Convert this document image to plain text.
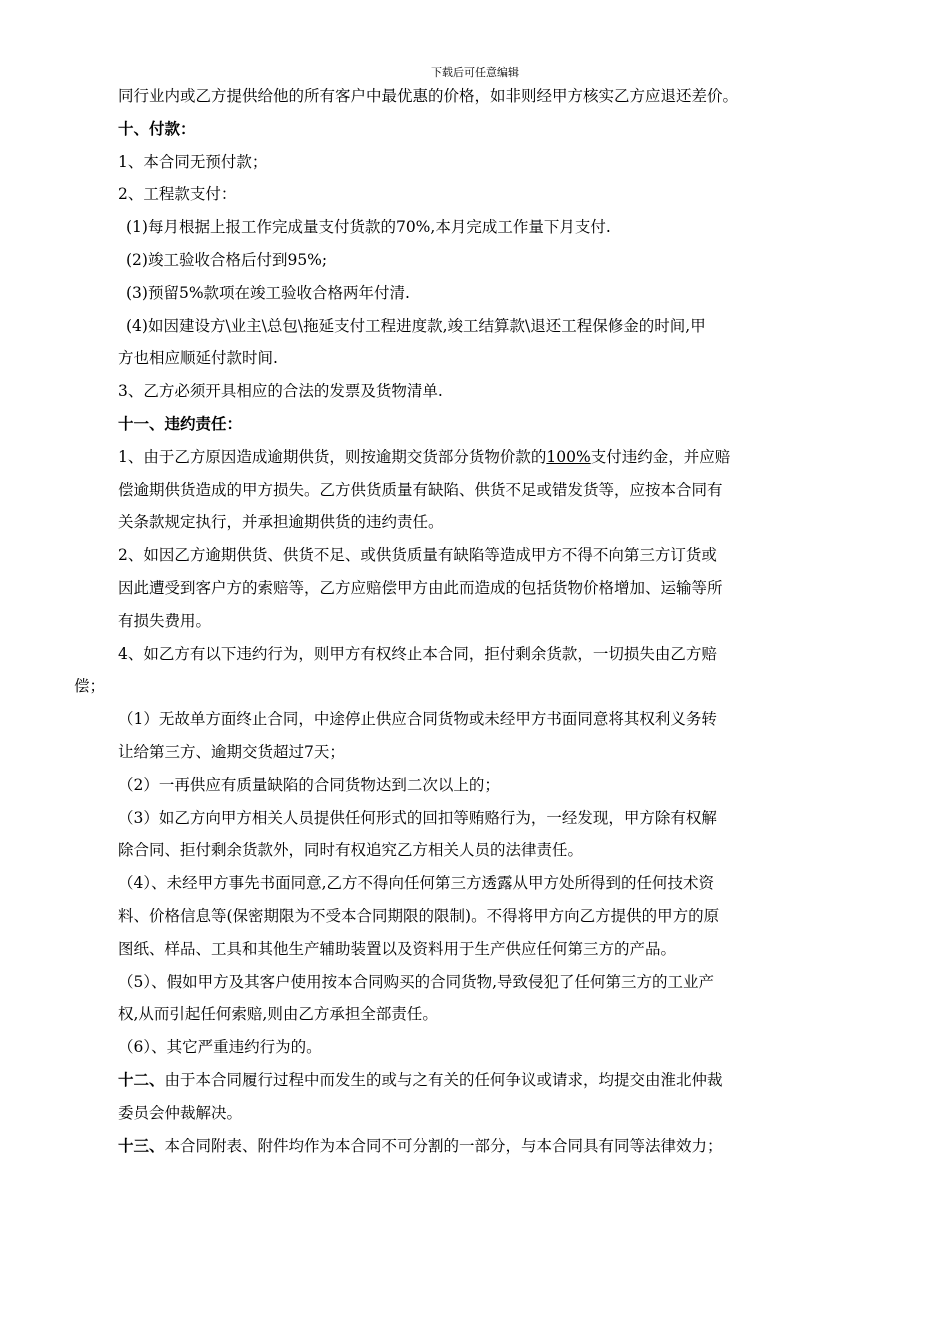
下载后可任意编辑
同行业内或乙方提供给他的所有客户中最优惠的价格，如非则经甲方核实乙方应退还差价。
十、付款：
1、本合同无预付款；
2、工程款支付：
(1)每月根据上报工作完成量支付货款的70%,本月完成工作量下月支付.
(2)竣工验收合格后付到95%;
(3)预留5%款项在竣工验收合格两年付清.
(4)如因建设方\业主\总包\拖延支付工程进度款,竣工结算款\退还工程保修金的时间,甲
方也相应顺延付款时间.
3、乙方必须开具相应的合法的发票及货物清单.
十一、违约责任：
1、由于乙方原因造成逾期供货，则按逾期交货部分货物价款的100%支付违约金，并应赔
偿逾期供货造成的甲方损失。乙方供货质量有缺陷、供货不足或错发货等，应按本合同有
关条款规定执行，并承担逾期供货的违约责任。
2、如因乙方逾期供货、供货不足、或供货质量有缺陷等造成甲方不得不向第三方订货或
因此遭受到客户方的索赔等，乙方应赔偿甲方由此而造成的包括货物价格增加、运输等所
有损失费用。
4、如乙方有以下违约行为，则甲方有权终止本合同，拒付剩余货款，一切损失由乙方赔
偿；
（1）无故单方面终止合同，中途停止供应合同货物或未经甲方书面同意将其权利义务转
让给第三方、逾期交货超过7天；
（2）一再供应有质量缺陷的合同货物达到二次以上的；
（3）如乙方向甲方相关人员提供任何形式的回扣等贿赂行为，一经发现，甲方除有权解
除合同、拒付剩余货款外，同时有权追究乙方相关人员的法律责任。
（4）、未经甲方事先书面同意,乙方不得向任何第三方透露从甲方处所得到的任何技术资
料、价格信息等(保密期限为不受本合同期限的限制)。不得将甲方向乙方提供的甲方的原
图纸、样品、工具和其他生产辅助装置以及资料用于生产供应任何第三方的产品。
（5）、假如甲方及其客户使用按本合同购买的合同货物,导致侵犯了任何第三方的工业产
权,从而引起任何索赔,则由乙方承担全部责任。
（6）、其它严重违约行为的。
十二、由于本合同履行过程中而发生的或与之有关的任何争议或请求，均提交由淮北仲裁
委员会仲裁解决。
十三、本合同附表、附件均作为本合同不可分割的一部分，与本合同具有同等法律效力；
